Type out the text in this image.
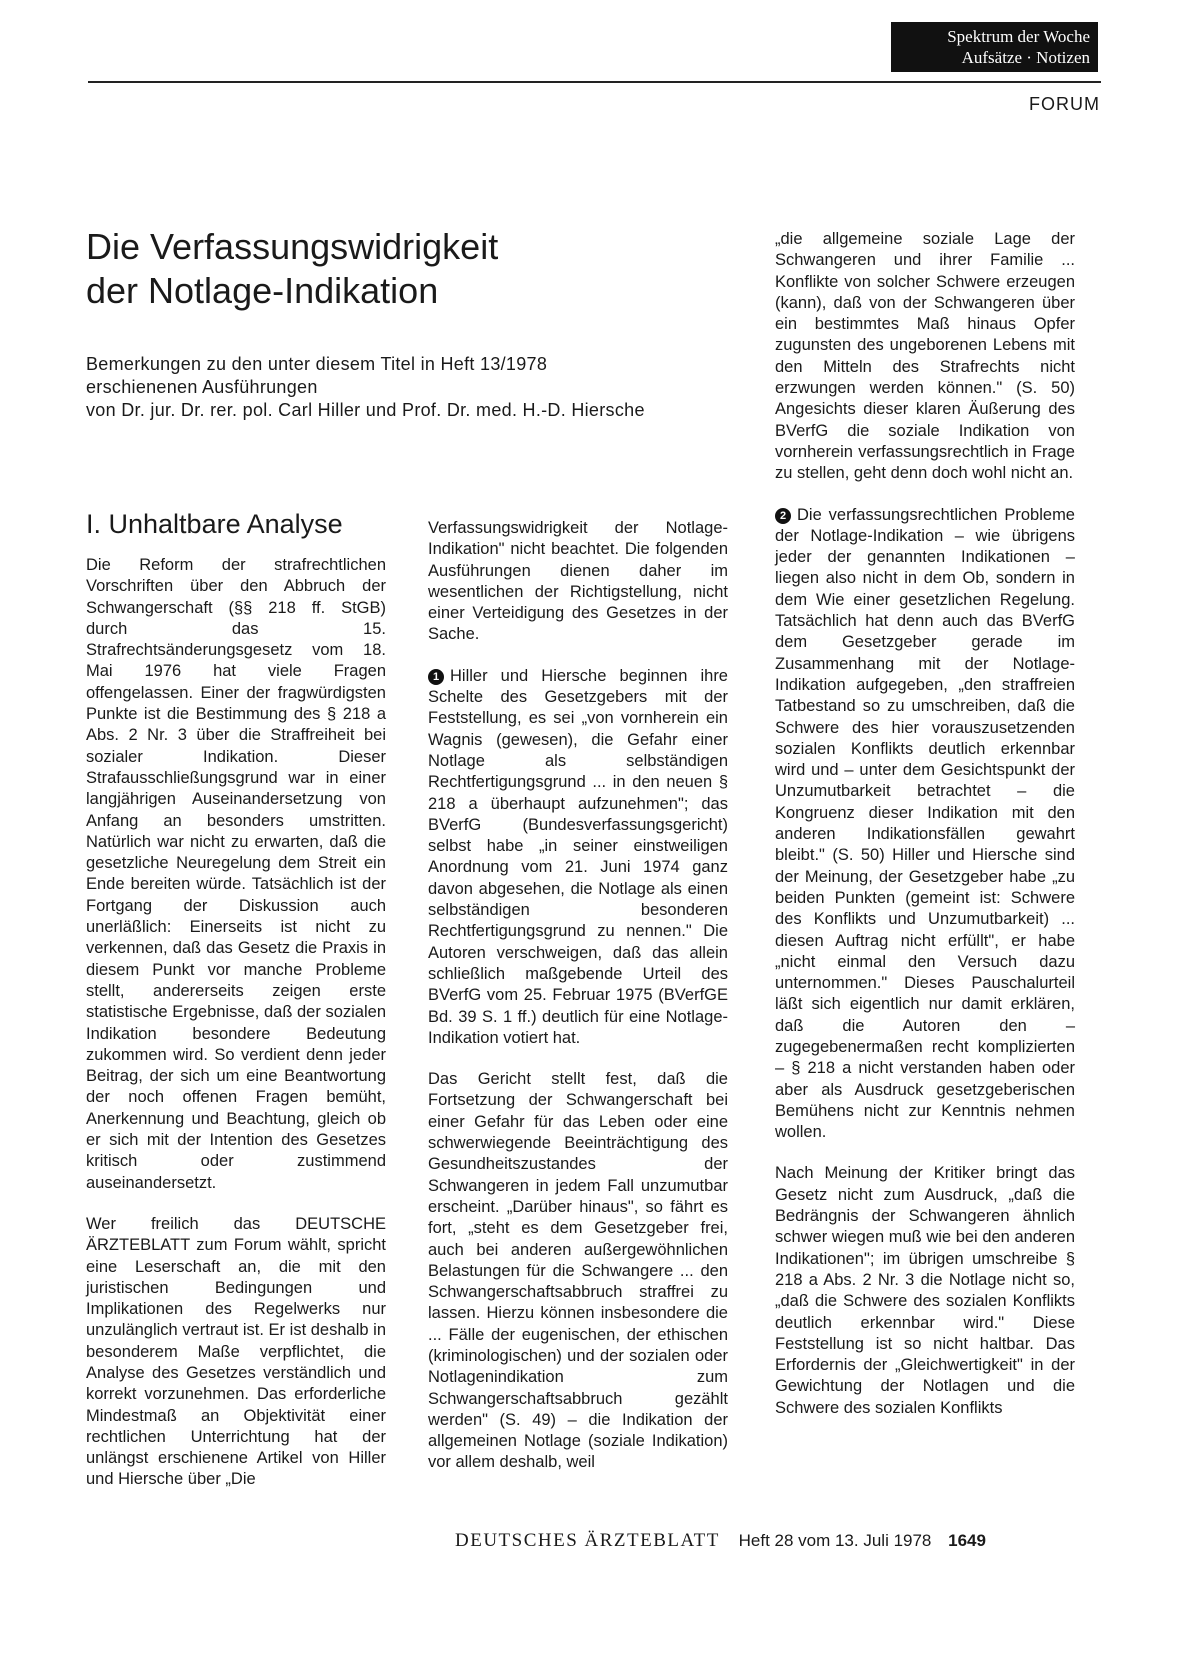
Spektrum der Woche
Aufsätze · Notizen
FORUM
Die Verfassungswidrigkeit
der Notlage-Indikation
Bemerkungen zu den unter diesem Titel in Heft 13/1978
erschienenen Ausführungen
von Dr. jur. Dr. rer. pol. Carl Hiller und Prof. Dr. med. H.-D. Hiersche
I. Unhaltbare Analyse

Die Reform der strafrechtlichen Vorschriften über den Abbruch der Schwangerschaft (§§ 218 ff. StGB) durch das 15. Strafrechtsänderungsgesetz vom 18. Mai 1976 hat viele Fragen offengelassen. Einer der fragwürdigsten Punkte ist die Bestimmung des § 218 a Abs. 2 Nr. 3 über die Straffreiheit bei sozialer Indikation. Dieser Strafausschließungsgrund war in einer langjährigen Auseinandersetzung von Anfang an besonders umstritten. Natürlich war nicht zu erwarten, daß die gesetzliche Neuregelung dem Streit ein Ende bereiten würde. Tatsächlich ist der Fortgang der Diskussion auch unerläßlich: Einerseits ist nicht zu verkennen, daß das Gesetz die Praxis in diesem Punkt vor manche Probleme stellt, andererseits zeigen erste statistische Ergebnisse, daß der sozialen Indikation besondere Bedeutung zukommen wird. So verdient denn jeder Beitrag, der sich um eine Beantwortung der noch offenen Fragen bemüht, Anerkennung und Beachtung, gleich ob er sich mit der Intention des Gesetzes kritisch oder zustimmend auseinandersetzt.

Wer freilich das DEUTSCHE ÄRZTEBLATT zum Forum wählt, spricht eine Leserschaft an, die mit den juristischen Bedingungen und Implikationen des Regelwerks nur unzulänglich vertraut ist. Er ist deshalb in besonderem Maße verpflichtet, die Analyse des Gesetzes verständlich und korrekt vorzunehmen. Das erforderliche Mindestmaß an Objektivität einer rechtlichen Unterrichtung hat der unlängst erschienene Artikel von Hiller und Hiersche über „Die

Verfassungswidrigkeit der Notlage-Indikation" nicht beachtet. Die folgenden Ausführungen dienen daher im wesentlichen der Richtigstellung, nicht einer Verteidigung des Gesetzes in der Sache.

1 Hiller und Hiersche beginnen ihre Schelte des Gesetzgebers mit der Feststellung, es sei „von vornherein ein Wagnis (gewesen), die Gefahr einer Notlage als selbständigen Rechtfertigungsgrund ... in den neuen § 218 a überhaupt aufzunehmen"; das BVerfG (Bundesverfassungsgericht) selbst habe „in seiner einstweiligen Anordnung vom 21. Juni 1974 ganz davon abgesehen, die Notlage als einen selbständigen besonderen Rechtfertigungsgrund zu nennen." Die Autoren verschweigen, daß das allein schließlich maßgebende Urteil des BVerfG vom 25. Februar 1975 (BVerfGE Bd. 39 S. 1 ff.) deutlich für eine Notlage-Indikation votiert hat.

Das Gericht stellt fest, daß die Fortsetzung der Schwangerschaft bei einer Gefahr für das Leben oder eine schwerwiegende Beeinträchtigung des Gesundheitszustandes der Schwangeren in jedem Fall unzumutbar erscheint. „Darüber hinaus", so fährt es fort, „steht es dem Gesetzgeber frei, auch bei anderen außergewöhnlichen Belastungen für die Schwangere ... den Schwangerschaftsabbruch straffrei zu lassen. Hierzu können insbesondere die ... Fälle der eugenischen, der ethischen (kriminologischen) und der sozialen oder Notlagenindikation zum Schwangerschaftsabbruch gezählt werden" (S. 49) – die Indikation der allgemeinen Notlage (soziale Indikation) vor allem deshalb, weil

„die allgemeine soziale Lage der Schwangeren und ihrer Familie ... Konflikte von solcher Schwere erzeugen (kann), daß von der Schwangeren über ein bestimmtes Maß hinaus Opfer zugunsten des ungeborenen Lebens mit den Mitteln des Strafrechts nicht erzwungen werden können." (S. 50) Angesichts dieser klaren Äußerung des BVerfG die soziale Indikation von vornherein verfassungsrechtlich in Frage zu stellen, geht denn doch wohl nicht an.

2 Die verfassungsrechtlichen Probleme der Notlage-Indikation – wie übrigens jeder der genannten Indikationen – liegen also nicht in dem Ob, sondern in dem Wie einer gesetzlichen Regelung. Tatsächlich hat denn auch das BVerfG dem Gesetzgeber gerade im Zusammenhang mit der Notlage-Indikation aufgegeben, „den straffreien Tatbestand so zu umschreiben, daß die Schwere des hier vorauszusetzenden sozialen Konflikts deutlich erkennbar wird und – unter dem Gesichtspunkt der Unzumutbarkeit betrachtet – die Kongruenz dieser Indikation mit den anderen Indikationsfällen gewahrt bleibt." (S. 50) Hiller und Hiersche sind der Meinung, der Gesetzgeber habe „zu beiden Punkten (gemeint ist: Schwere des Konflikts und Unzumutbarkeit) ... diesen Auftrag nicht erfüllt", er habe „nicht einmal den Versuch dazu unternommen." Dieses Pauschalurteil läßt sich eigentlich nur damit erklären, daß die Autoren den – zugegebenermaßen recht komplizierten – § 218 a nicht verstanden haben oder aber als Ausdruck gesetzgeberischen Bemühens nicht zur Kenntnis nehmen wollen.

Nach Meinung der Kritiker bringt das Gesetz nicht zum Ausdruck, „daß die Bedrängnis der Schwangeren ähnlich schwer wiegen muß wie bei den anderen Indikationen"; im übrigen umschreibe § 218 a Abs. 2 Nr. 3 die Notlage nicht so, „daß die Schwere des sozialen Konflikts deutlich erkennbar wird." Diese Feststellung ist so nicht haltbar. Das Erfordernis der „Gleichwertigkeit" in der Gewichtung der Notlagen und die Schwere des sozialen Konflikts

DEUTSCHES ÄRZTEBLATT Heft 28 vom 13. Juli 1978 1649
